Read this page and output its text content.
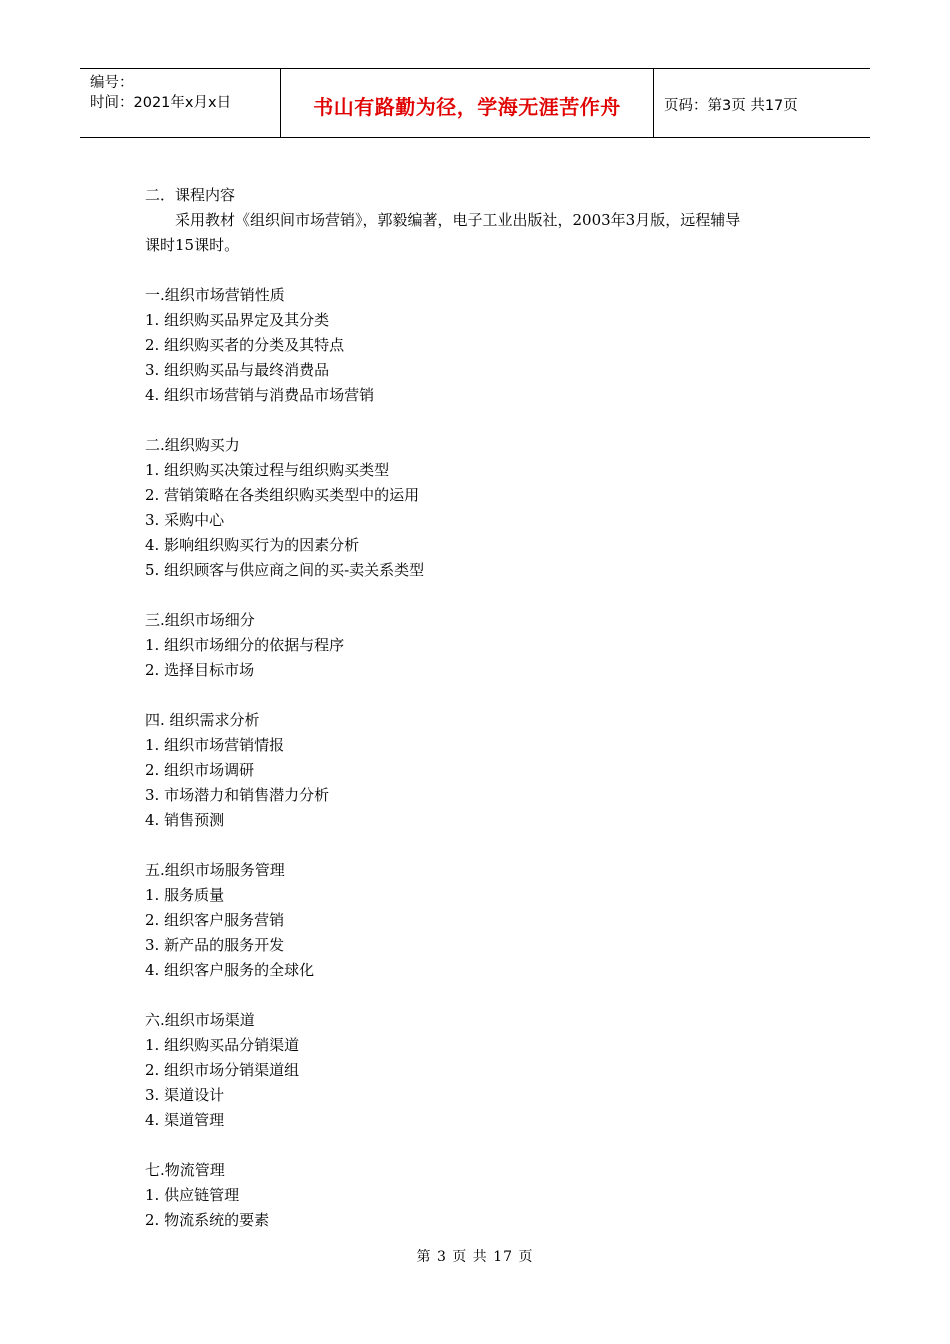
编号：
时间：2021年x月x日	书山有路勤为径，学海无涯苦作舟	页码：第3页 共17页
二．课程内容
采用教材《组织间市场营销》，郭毅编著，电子工业出版社，2003年3月版，远程辅导
课时15课时。
一.组织市场营销性质
1. 组织购买品界定及其分类
2. 组织购买者的分类及其特点
3. 组织购买品与最终消费品
4. 组织市场营销与消费品市场营销
二.组织购买力
1. 组织购买决策过程与组织购买类型
2. 营销策略在各类组织购买类型中的运用
3. 采购中心
4. 影响组织购买行为的因素分析
5. 组织顾客与供应商之间的买-卖关系类型
三.组织市场细分
1. 组织市场细分的依据与程序
2. 选择目标市场
四. 组织需求分析
1. 组织市场营销情报
2. 组织市场调研
3. 市场潜力和销售潜力分析
4. 销售预测
五.组织市场服务管理
1. 服务质量
2. 组织客户服务营销
3. 新产品的服务开发
4. 组织客户服务的全球化
六.组织市场渠道
1. 组织购买品分销渠道
2. 组织市场分销渠道组
3. 渠道设计
4. 渠道管理
七.物流管理
1. 供应链管理
2. 物流系统的要素
第 3 页 共 17 页
